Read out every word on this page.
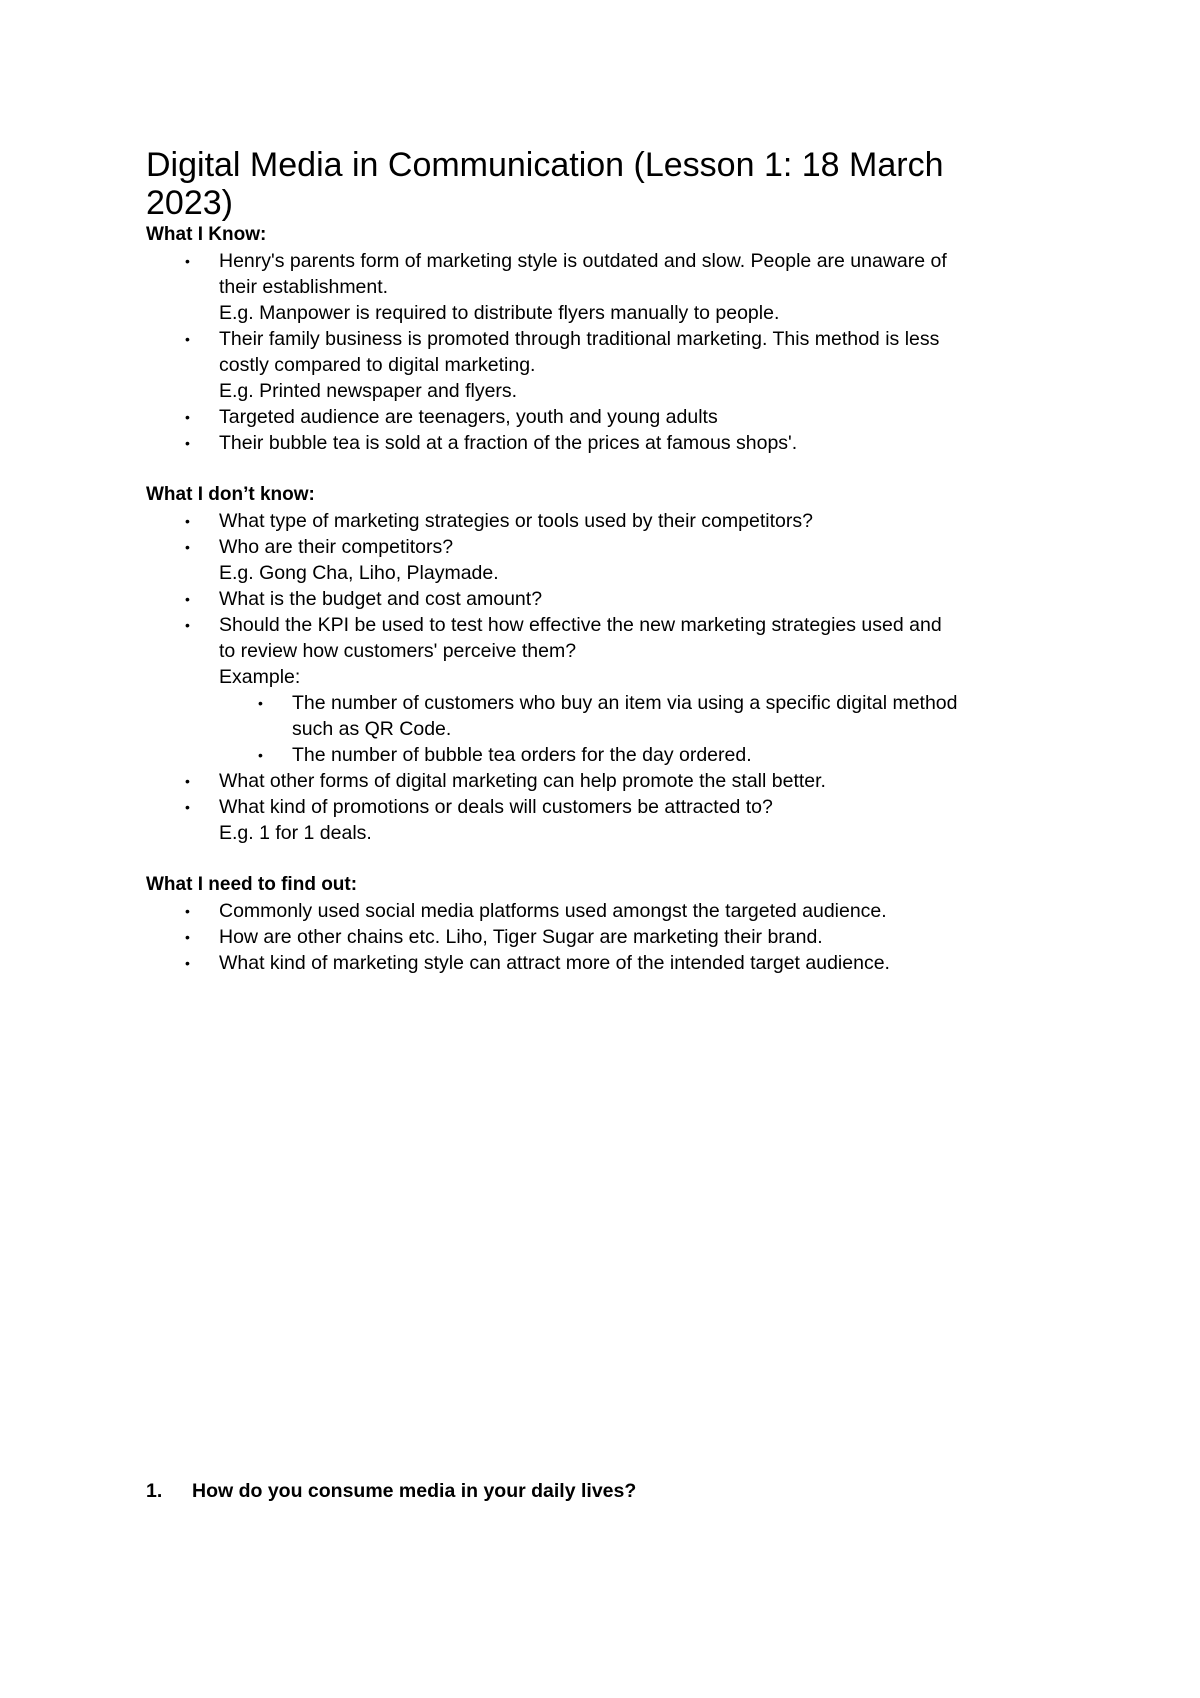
Digital Media in Communication (Lesson 1: 18 March
2023)

What I Know:

• Henry's parents form of marketing style is outdated and slow. People are unaware of
their establishment.
E.g. Manpower is required to distribute flyers manually to people.
• Their family business is promoted through traditional marketing. This method is less
costly compared to digital marketing.
E.g. Printed newspaper and flyers.
• Targeted audience are teenagers, youth and young adults
• Their bubble tea is sold at a fraction of the prices at famous shops'.

What I don’t know:

• What type of marketing strategies or tools used by their competitors?
• Who are their competitors?
E.g. Gong Cha, Liho, Playmade.
• What is the budget and cost amount?
• Should the KPI be used to test how effective the new marketing strategies used and
to review how customers' perceive them?
Example:
• The number of customers who buy an item via using a specific digital method
such as QR Code.
• The number of bubble tea orders for the day ordered.
• What other forms of digital marketing can help promote the stall better.
• What kind of promotions or deals will customers be attracted to?
E.g. 1 for 1 deals.

What I need to find out:

• Commonly used social media platforms used amongst the targeted audience.
• How are other chains etc. Liho, Tiger Sugar are marketing their brand.
• What kind of marketing style can attract more of the intended target audience.
1. How do you consume media in your daily lives?
